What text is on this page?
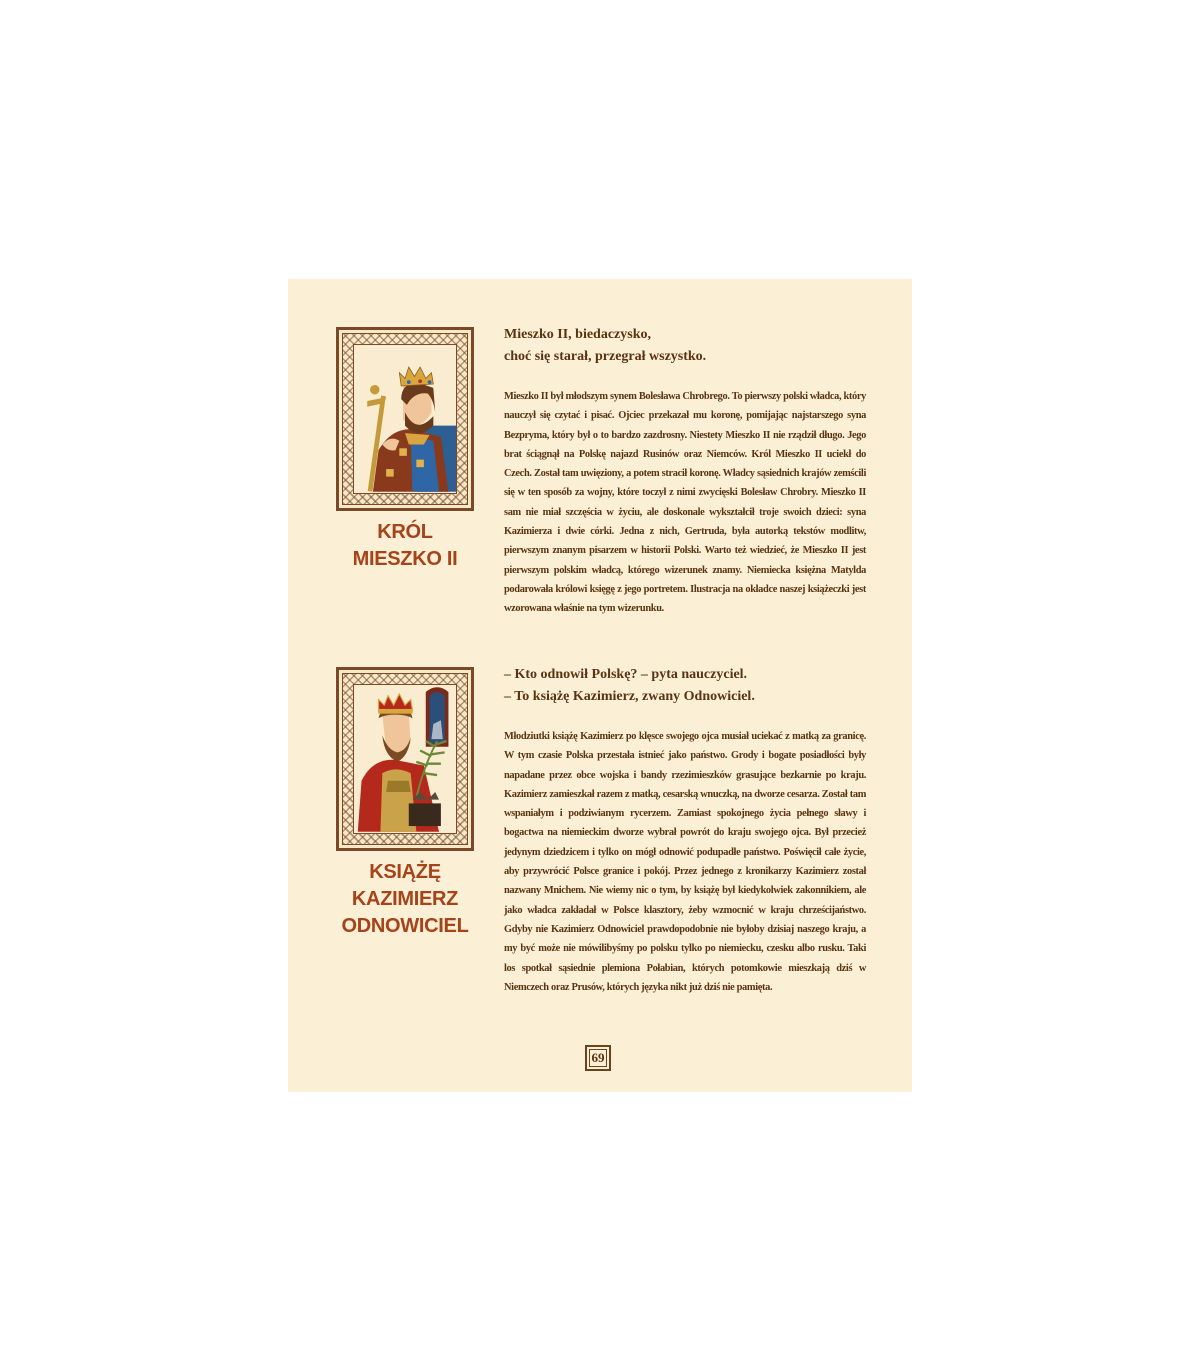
KRÓL
MIESZKO II
Mieszko II, biedaczysko,
choć się starał, przegrał wszystko.

Mieszko II był młodszym synem Bolesława Chrobrego. To pierwszy polski władca, który nauczył się czytać i pisać. Ojciec przekazał mu koronę, pomijając najstarszego syna Bezpryma, który był o to bardzo zazdrosny. Niestety Mieszko II nie rządził długo. Jego brat ściągnął na Polskę najazd Rusinów oraz Niemców. Król Mieszko II uciekł do Czech. Został tam uwięziony, a potem stracił koronę. Władcy sąsiednich krajów zemścili się w ten sposób za wojny, które toczył z nimi zwycięski Bolesław Chrobry. Mieszko II sam nie miał szczęścia w życiu, ale doskonale wykształcił troje swoich dzieci: syna Kazimierza i dwie córki. Jedna z nich, Gertruda, była autorką tekstów modlitw, pierwszym znanym pisarzem w historii Polski. Warto też wiedzieć, że Mieszko II jest pierwszym polskim władcą, którego wizerunek znamy. Niemiecka księżna Matylda podarowała królowi księgę z jego portretem. Ilustracja na okładce naszej książeczki jest wzorowana właśnie na tym wizerunku.

KSIĄŻĘ
KAZIMIERZ
ODNOWICIEL
– Kto odnowił Polskę? – pyta nauczyciel.
– To książę Kazimierz, zwany Odnowiciel.

Młodziutki książę Kazimierz po klęsce swojego ojca musiał uciekać z matką za granicę. W tym czasie Polska przestała istnieć jako państwo. Grody i bogate posiadłości były napadane przez obce wojska i bandy rzezimieszków grasujące bezkarnie po kraju. Kazimierz zamieszkał razem z matką, cesarską wnuczką, na dworze cesarza. Został tam wspaniałym i podziwianym rycerzem. Zamiast spokojnego życia pełnego sławy i bogactwa na niemieckim dworze wybrał powrót do kraju swojego ojca. Był przecież jedynym dziedzicem i tylko on mógł odnowić podupadłe państwo. Poświęcił całe życie, aby przywrócić Polsce granice i pokój. Przez jednego z kronikarzy Kazimierz został nazwany Mnichem. Nie wiemy nic o tym, by książę był kiedykolwiek zakonnikiem, ale jako władca zakładał w Polsce klasztory, żeby wzmocnić w kraju chrześcijaństwo. Gdyby nie Kazimierz Odnowiciel prawdopodobnie nie byłoby dzisiaj naszego kraju, a my być może nie mówilibyśmy po polsku tylko po niemiecku, czesku albo rusku. Taki los spotkał sąsiednie plemiona Połabian, których potomkowie mieszkają dziś w Niemczech oraz Prusów, których języka nikt już dziś nie pamięta.

69
